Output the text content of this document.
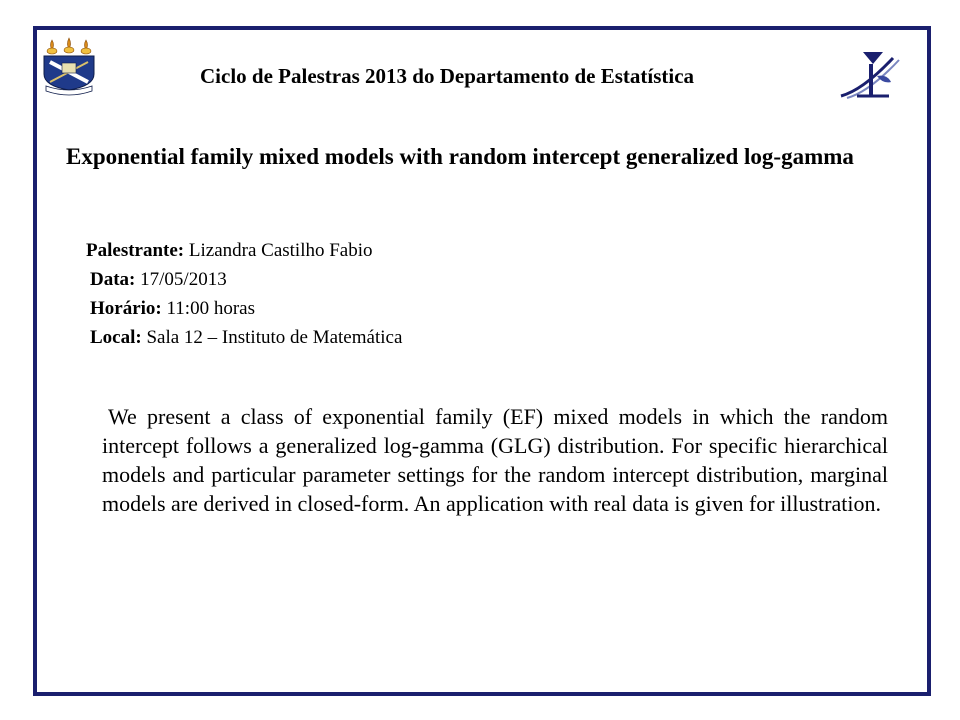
Ciclo de Palestras 2013 do Departamento de Estatística
Exponential family mixed models with random intercept generalized log-gamma
Palestrante: Lizandra Castilho Fabio
Data: 17/05/2013
Horário: 11:00 horas
Local: Sala 12 – Instituto de Matemática
We present a class of exponential family (EF) mixed models in which the random intercept follows a generalized log-gamma (GLG) distribution. For specific hierarchical models and particular parameter settings for the random intercept distribution, marginal models are derived in closed-form. An application with real data is given for illustration.
